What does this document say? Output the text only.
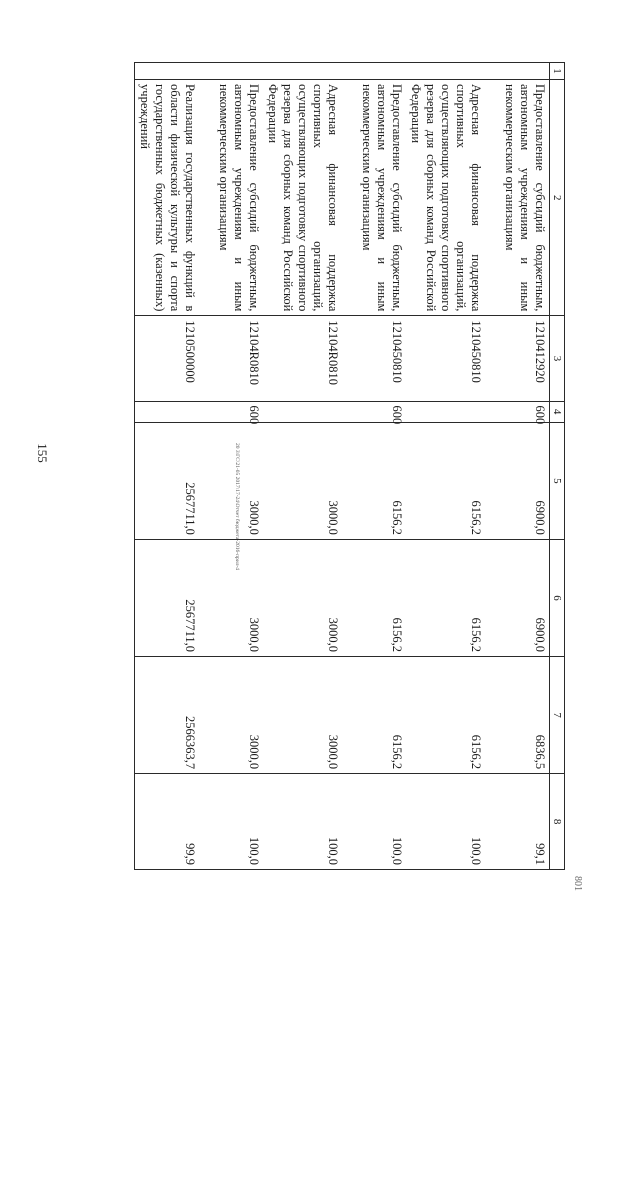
155	20 3\ГС\21-05 2017\17-24\Отчет бюджета-2016-прил-4
801
1	2	3	4	5	6	7	8
	Предоставление субсидий бюджетным, автономным учреждениям и иным некоммерческим организациям	1210412920	600	6900,0	6900,0	6836,5	99,1
	Адресная финансовая поддержка спортивных организаций, осуществляющих подготовку спортивного резерва для сборных команд Российской Федерации	1210450810		6156,2	6156,2	6156,2	100,0
	Предоставление субсидий бюджетным, автономным учреждениям и иным некоммерческим организациям	1210450810	600	6156,2	6156,2	6156,2	100,0
	Адресная финансовая поддержка спортивных организаций, осуществляющих подготовку спортивного резерва для сборных команд Российской Федерации	12104R0810		3000,0	3000,0	3000,0	100,0
	Предоставление субсидий бюджетным, автономным учреждениям и иным некоммерческим организациям	12104R0810	600	3000,0	3000,0	3000,0	100,0
	Реализация государственных функций в области физической культуры и спорта государственных бюджетных (казенных) учреждений	1210500000		2567711,0	2567711,0	2566363,7	99,9
